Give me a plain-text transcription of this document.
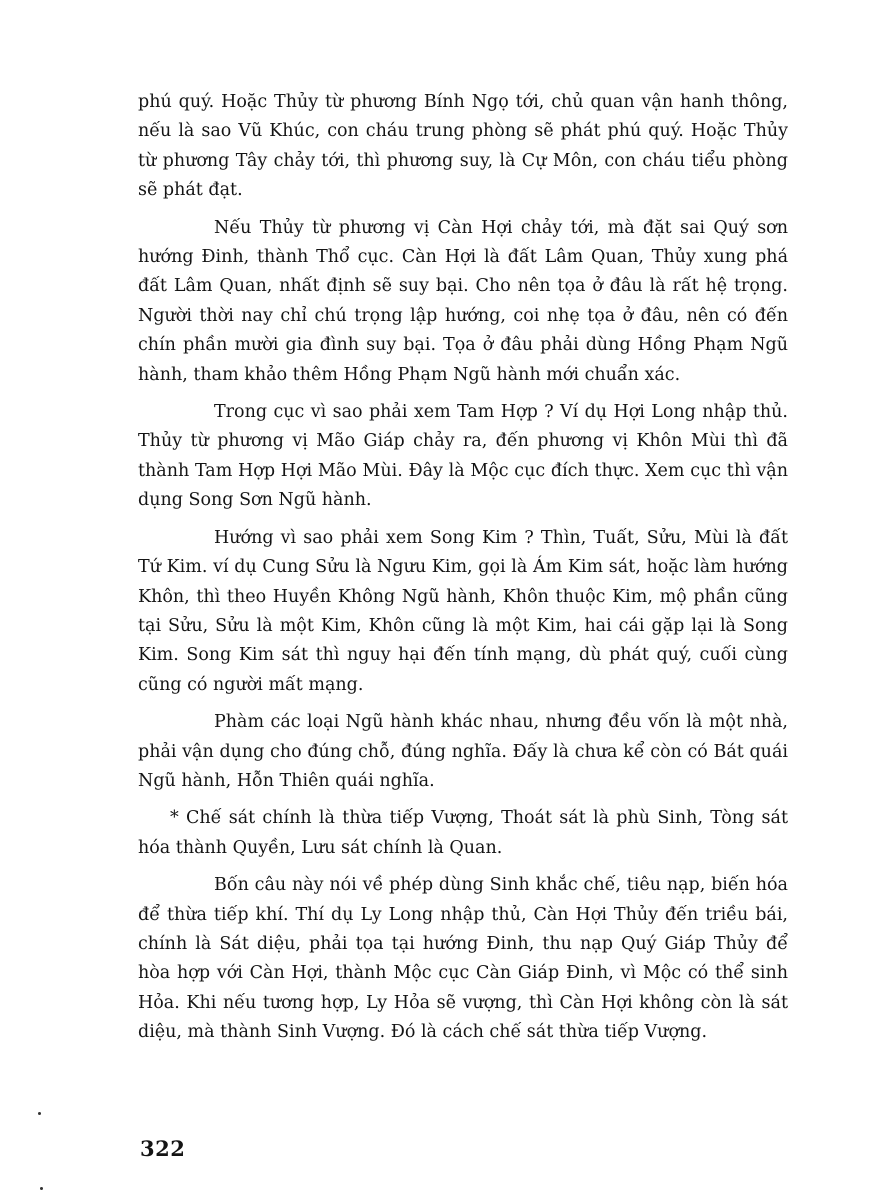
phú quý. Hoặc Thủy từ phương Bính Ngọ tới, chủ quan vận hanh thông, nếu là sao Vũ Khúc, con cháu trung phòng sẽ phát phú quý. Hoặc Thủy từ phương Tây chảy tới, thì phương suy, là Cự Môn, con cháu tiểu phòng sẽ phát đạt.

Nếu Thủy từ phương vị Càn Hợi chảy tới, mà đặt sai Quý sơn hướng Đinh, thành Thổ cục. Càn Hợi là đất Lâm Quan, Thủy xung phá đất Lâm Quan, nhất định sẽ suy bại. Cho nên tọa ở đâu là rất hệ trọng. Người thời nay chỉ chú trọng lập hướng, coi nhẹ tọa ở đâu, nên có đến chín phần mười gia đình suy bại. Tọa ở đâu phải dùng Hồng Phạm Ngũ hành, tham khảo thêm Hồng Phạm Ngũ hành mới chuẩn xác.

Trong cục vì sao phải xem Tam Hợp ? Ví dụ Hợi Long nhập thủ. Thủy từ phương vị Mão Giáp chảy ra, đến phương vị Khôn Mùi thì đã thành Tam Hợp Hợi Mão Mùi. Đây là Mộc cục đích thực. Xem cục thì vận dụng Song Sơn Ngũ hành.

Hướng vì sao phải xem Song Kim ? Thìn, Tuất, Sửu, Mùi là đất Tứ Kim. ví dụ Cung Sửu là Ngưu Kim, gọi là Ám Kim sát, hoặc làm hướng Khôn, thì theo Huyền Không Ngũ hành, Khôn thuộc Kim, mộ phần cũng tại Sửu, Sửu là một Kim, Khôn cũng là một Kim, hai cái gặp lại là Song Kim. Song Kim sát thì nguy hại đến tính mạng, dù phát quý, cuối cùng cũng có người mất mạng.

Phàm các loại Ngũ hành khác nhau, nhưng đều vốn là một nhà, phải vận dụng cho đúng chỗ, đúng nghĩa. Đấy là chưa kể còn có Bát quái Ngũ hành, Hỗn Thiên quái nghĩa.

* Chế sát chính là thừa tiếp Vượng, Thoát sát là phù Sinh, Tòng sát hóa thành Quyền, Lưu sát chính là Quan.

Bốn câu này nói về phép dùng Sinh khắc chế, tiêu nạp, biến hóa để thừa tiếp khí. Thí dụ Ly Long nhập thủ, Càn Hợi Thủy đến triều bái, chính là Sát diệu, phải tọa tại hướng Đinh, thu nạp Quý Giáp Thủy để hòa hợp với Càn Hợi, thành Mộc cục Càn Giáp Đinh, vì Mộc có thể sinh Hỏa. Khi nếu tương hợp, Ly Hỏa sẽ vượng, thì Càn Hợi không còn là sát diệu, mà thành Sinh Vượng. Đó là cách chế sát thừa tiếp Vượng.

322
